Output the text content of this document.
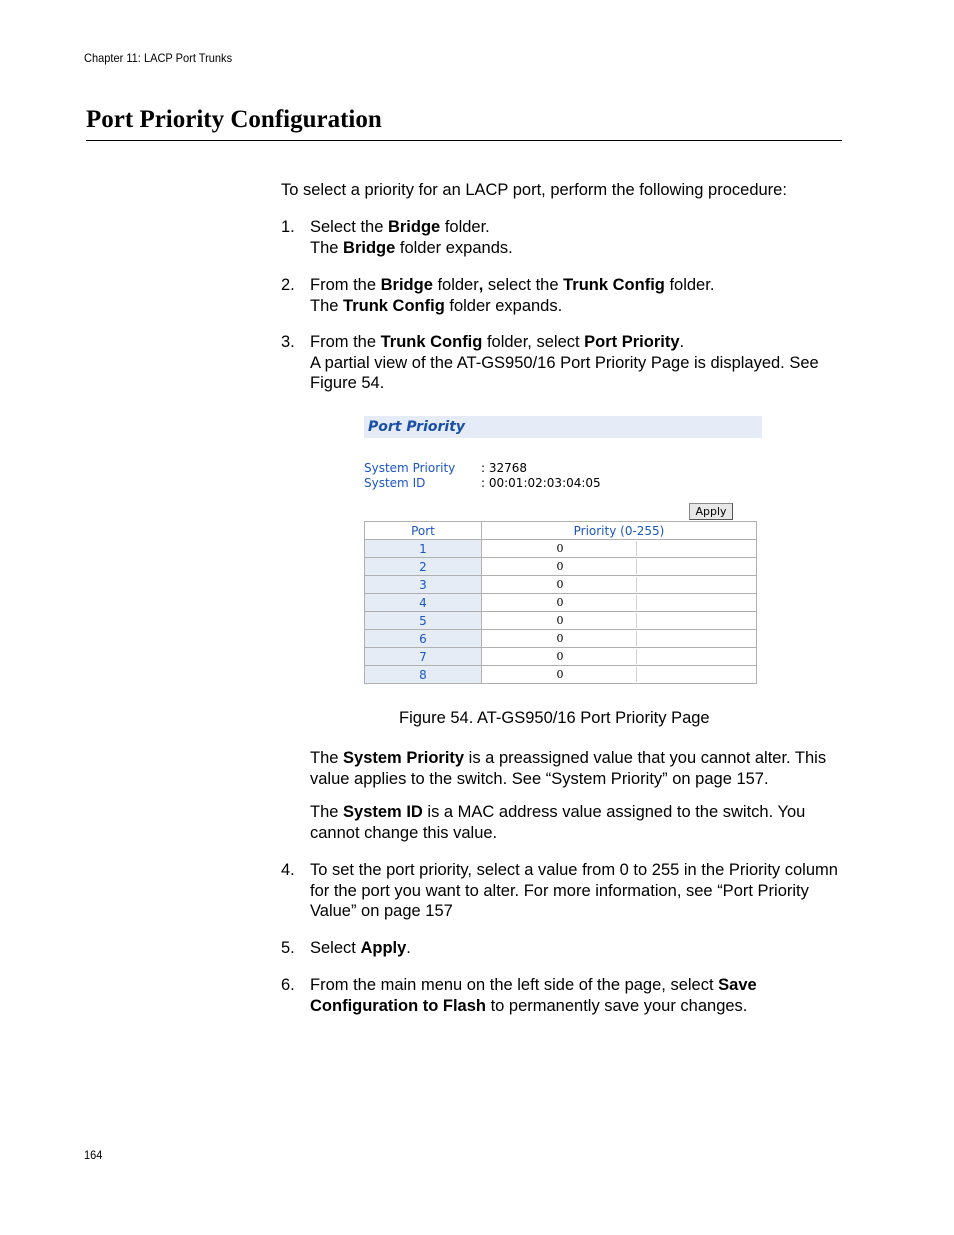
Chapter 11: LACP Port Trunks
Port Priority Configuration
To select a priority for an LACP port, perform the following procedure:
1. Select the Bridge folder.
The Bridge folder expands.
2. From the Bridge folder, select the Trunk Config folder.
The Trunk Config folder expands.
3. From the Trunk Config folder, select Port Priority.
A partial view of the AT-GS950/16 Port Priority Page is displayed. See Figure 54.
Port Priority
System Priority : 32768
System ID	: 00:01:02:03:04:05
Apply
Port	Priority (0-255)
1	0
2	0
3	0
4	0
5	0
6	0
7	0
8	0
Figure 54. AT-GS950/16 Port Priority Page
The System Priority is a preassigned value that you cannot alter. This value applies to the switch. See “System Priority” on page 157.
The System ID is a MAC address value assigned to the switch. You cannot change this value.
4. To set the port priority, select a value from 0 to 255 in the Priority column for the port you want to alter. For more information, see “Port Priority Value” on page 157
5. Select Apply.
6. From the main menu on the left side of the page, select Save Configuration to Flash to permanently save your changes.
164
